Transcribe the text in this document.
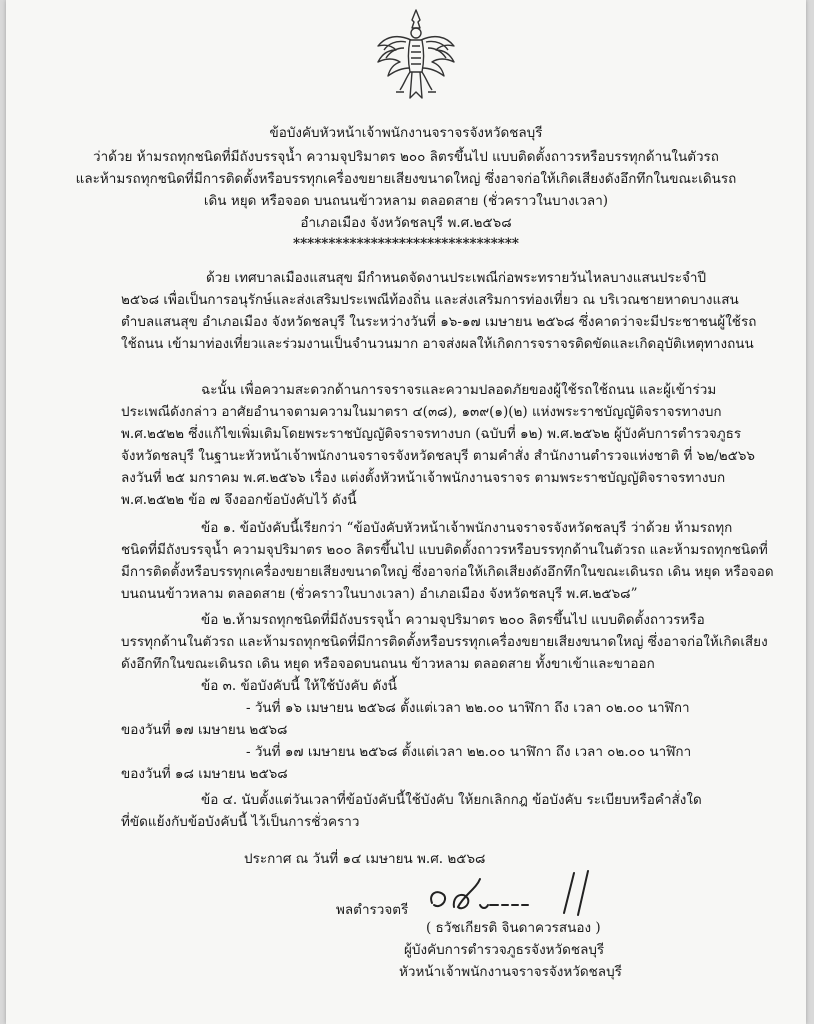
ข้อบังคับหัวหน้าเจ้าพนักงานจราจรจังหวัดชลบุรี
ว่าด้วย ห้ามรถทุกชนิดที่มีถังบรรจุน้ำ ความจุปริมาตร ๒๐๐ ลิตรขึ้นไป แบบติดตั้งถาวรหรือบรรทุกด้านในตัวรถ
และห้ามรถทุกชนิดที่มีการติดตั้งหรือบรรทุกเครื่องขยายเสียงขนาดใหญ่ ซึ่งอาจก่อให้เกิดเสียงดังอึกทึกในขณะเดินรถ
เดิน หยุด หรือจอด บนถนนข้าวหลาม ตลอดสาย (ชั่วคราวในบางเวลา)
อำเภอเมือง จังหวัดชลบุรี พ.ศ.๒๕๖๘
********************************
ด้วย เทศบาลเมืองแสนสุข มีกำหนดจัดงานประเพณีก่อพระทรายวันไหลบางแสนประจำปี
๒๕๖๘ เพื่อเป็นการอนุรักษ์และส่งเสริมประเพณีท้องถิ่น และส่งเสริมการท่องเที่ยว ณ บริเวณชายหาดบางแสน
ตำบลแสนสุข อำเภอเมือง จังหวัดชลบุรี ในระหว่างวันที่ ๑๖-๑๗ เมษายน ๒๕๖๘ ซึ่งคาดว่าจะมีประชาชนผู้ใช้รถ
ใช้ถนน เข้ามาท่องเที่ยวและร่วมงานเป็นจำนวนมาก อาจส่งผลให้เกิดการจราจรติดขัดและเกิดอุบัติเหตุทางถนน
ฉะนั้น เพื่อความสะดวกด้านการจราจรและความปลอดภัยของผู้ใช้รถใช้ถนน และผู้เข้าร่วม
ประเพณีดังกล่าว อาศัยอำนาจตามความในมาตรา ๔(๓๘), ๑๓๙(๑)(๒) แห่งพระราชบัญญัติจราจรทางบก
พ.ศ.๒๕๒๒ ซึ่งแก้ไขเพิ่มเติมโดยพระราชบัญญัติจราจรทางบก (ฉบับที่ ๑๒) พ.ศ.๒๕๖๒ ผู้บังคับการตำรวจภูธร
จังหวัดชลบุรี ในฐานะหัวหน้าเจ้าพนักงานจราจรจังหวัดชลบุรี ตามคำสั่ง สำนักงานตำรวจแห่งชาติ ที่ ๖๒/๒๕๖๖
ลงวันที่ ๒๕ มกราคม พ.ศ.๒๕๖๖ เรื่อง แต่งตั้งหัวหน้าเจ้าพนักงานจราจร ตามพระราชบัญญัติจราจรทางบก
พ.ศ.๒๕๒๒ ข้อ ๗ จึงออกข้อบังคับไว้ ดังนี้
ข้อ ๑. ข้อบังคับนี้เรียกว่า “ข้อบังคับหัวหน้าเจ้าพนักงานจราจรจังหวัดชลบุรี ว่าด้วย ห้ามรถทุก
ชนิดที่มีถังบรรจุน้ำ ความจุปริมาตร ๒๐๐ ลิตรขึ้นไป แบบติดตั้งถาวรหรือบรรทุกด้านในตัวรถ และห้ามรถทุกชนิดที่
มีการติดตั้งหรือบรรทุกเครื่องขยายเสียงขนาดใหญ่ ซึ่งอาจก่อให้เกิดเสียงดังอึกทึกในขณะเดินรถ เดิน หยุด หรือจอด
บนถนนข้าวหลาม ตลอดสาย (ชั่วคราวในบางเวลา) อำเภอเมือง จังหวัดชลบุรี พ.ศ.๒๕๖๘”
ข้อ ๒.ห้ามรถทุกชนิดที่มีถังบรรจุน้ำ ความจุปริมาตร ๒๐๐ ลิตรขึ้นไป แบบติดตั้งถาวรหรือ
บรรทุกด้านในตัวรถ และห้ามรถทุกชนิดที่มีการติดตั้งหรือบรรทุกเครื่องขยายเสียงขนาดใหญ่ ซึ่งอาจก่อให้เกิดเสียง
ดังอึกทึกในขณะเดินรถ เดิน หยุด หรือจอดบนถนน ข้าวหลาม ตลอดสาย ทั้งขาเข้าและขาออก
ข้อ ๓. ข้อบังคับนี้ ให้ใช้บังคับ ดังนี้
- วันที่ ๑๖ เมษายน ๒๕๖๘ ตั้งแต่เวลา ๒๒.๐๐ นาฬิกา ถึง เวลา ๐๒.๐๐ นาฬิกา
ของวันที่ ๑๗ เมษายน ๒๕๖๘
- วันที่ ๑๗ เมษายน ๒๕๖๘ ตั้งแต่เวลา ๒๒.๐๐ นาฬิกา ถึง เวลา ๐๒.๐๐ นาฬิกา
ของวันที่ ๑๘ เมษายน ๒๕๖๘
ข้อ ๔. นับตั้งแต่วันเวลาที่ข้อบังคับนี้ใช้บังคับ ให้ยกเลิกกฎ ข้อบังคับ ระเบียบหรือคำสั่งใด
ที่ขัดแย้งกับข้อบังคับนี้ ไว้เป็นการชั่วคราว
ประกาศ ณ วันที่ ๑๔ เมษายน พ.ศ. ๒๕๖๘
พลตำรวจตรี
( ธวัชเกียรติ จินดาควรสนอง )
ผู้บังคับการตำรวจภูธรจังหวัดชลบุรี
หัวหน้าเจ้าพนักงานจราจรจังหวัดชลบุรี
